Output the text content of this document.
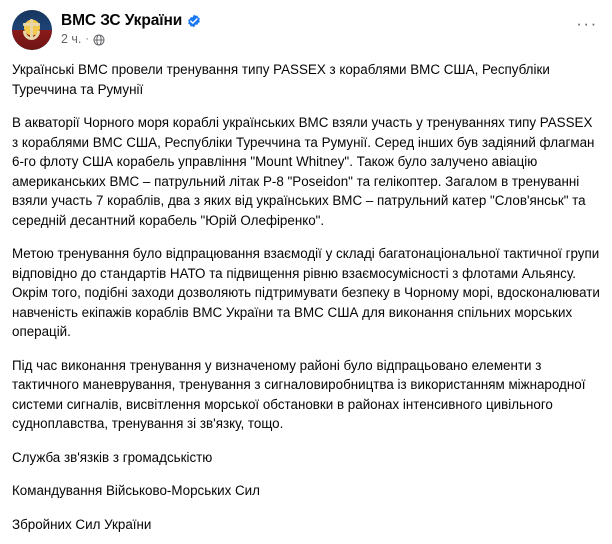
ВМС ЗС України
2 ч. ·
···

Українські ВМС провели тренування типу PASSEX з кораблями ВМС США, Республіки Туреччина та Румунії

В акваторії Чорного моря кораблі українських ВМС взяли участь у тренуваннях типу PASSEX з кораблями ВМС США, Республіки Туреччина та Румунії. Серед інших був задіяний флагман 6-го флоту США корабель управління "Mount Whitney". Також було залучено авіацію американських ВМС – патрульний літак P-8 "Poseidon" та гелікоптер. Загалом в тренуванні взяли участь 7 кораблів, два з яких від українських ВМС – патрульний катер "Слов'янськ" та середній десантний корабель "Юрій Олефіренко".

Метою тренування було відпрацювання взаємодії у складі багатонаціональної тактичної групи відповідно до стандартів НАТО та підвищення рівню взаємосумісності з флотами Альянсу. Окрім того, подібні заходи дозволяють підтримувати безпеку в Чорному морі, вдосконалювати навченість екіпажів кораблів ВМС України та ВМС США для виконання спільних морських операцій.

Під час виконання тренування у визначеному районі було відпрацьовано елементи з тактичного маневрування, тренування з сигналовиробництва із використанням міжнародної системи сигналів, висвітлення морської обстановки в районах інтенсивного цивільного судноплавства, тренування зі зв'язку, тощо.

Служба зв'язків з громадськістю

Командування Військово-Морських Сил

Збройних Сил України
